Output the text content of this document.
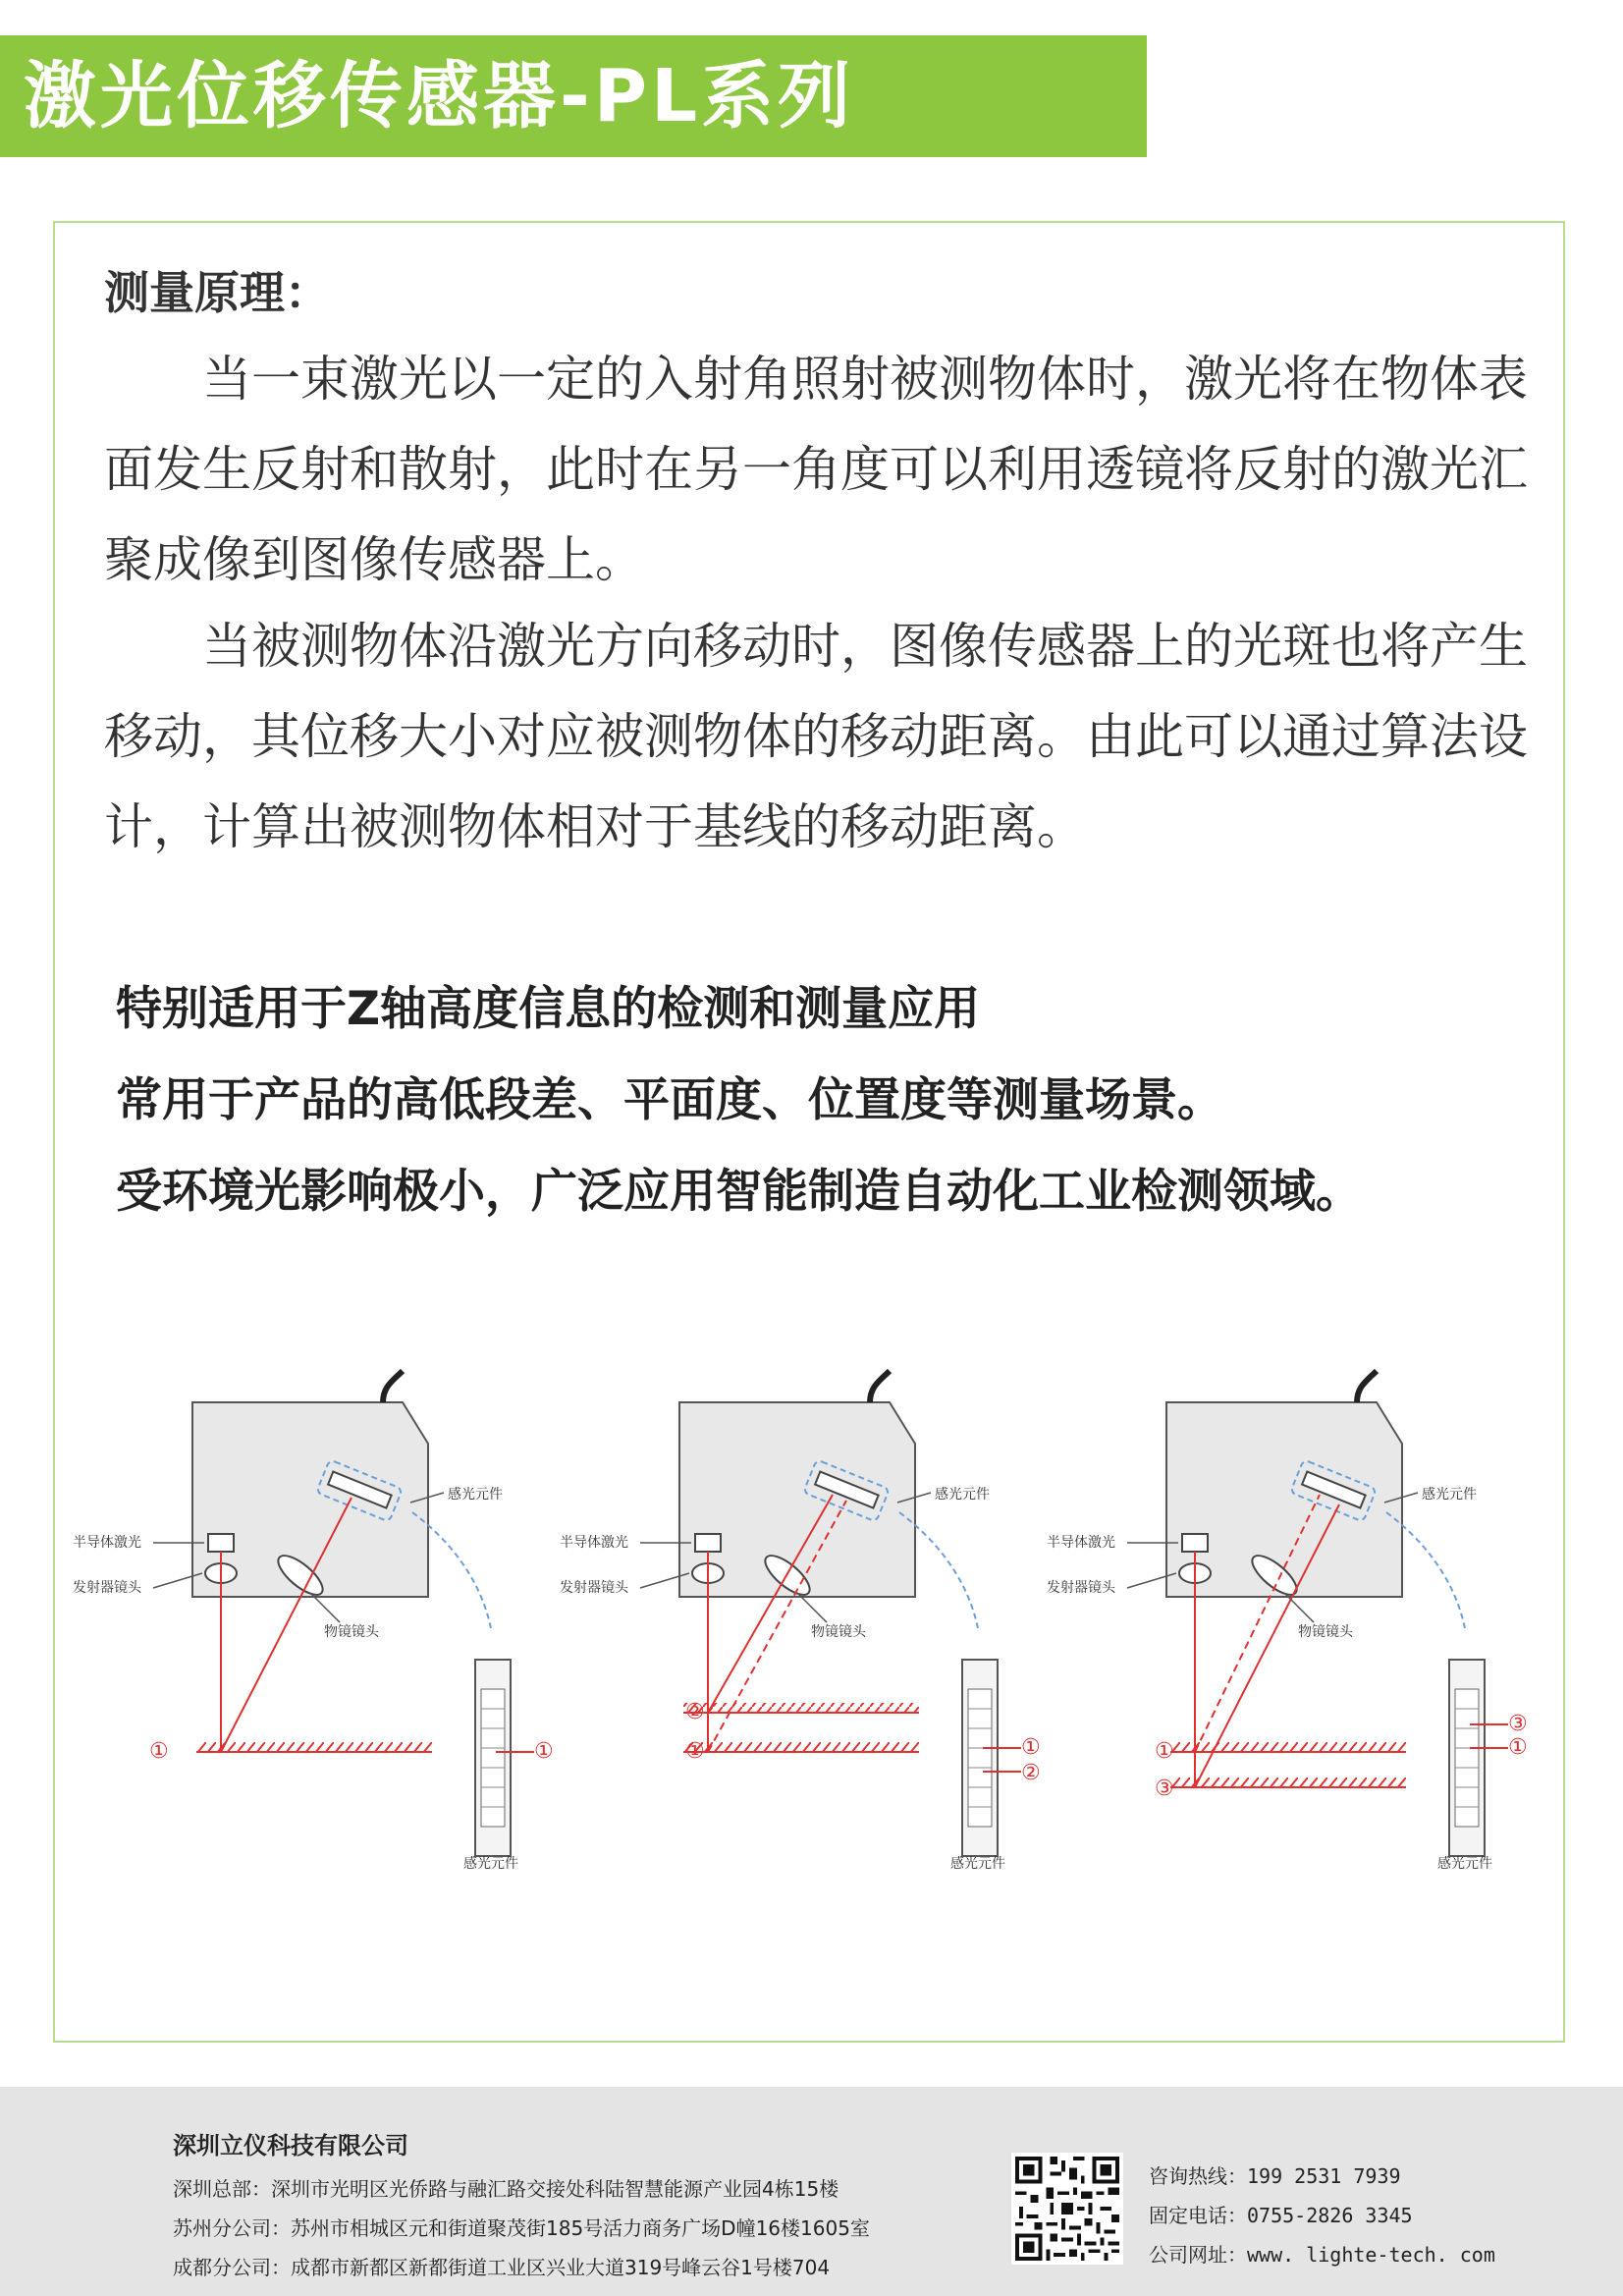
激光位移传感器-PL系列
测量原理：

当一束激光以一定的入射角照射被测物体时，激光将在物体表面发生反射和散射，此时在另一角度可以利用透镜将反射的激光汇聚成像到图像传感器上。

当被测物体沿激光方向移动时，图像传感器上的光斑也将产生移动，其位移大小对应被测物体的移动距离。由此可以通过算法设计，计算出被测物体相对于基线的移动距离。

特别适用于Z轴高度信息的检测和测量应用
常用于产品的高低段差、平面度、位置度等测量场景。
受环境光影响极小，广泛应用智能制造自动化工业检测领域。
感光元件
半导体激光
发射器镜头
物镜镜头
感光元件
①	①
感光元件
半导体激光
发射器镜头
物镜镜头
感光元件
②
①	①
②
感光元件
半导体激光
发射器镜头
物镜镜头
感光元件
①
③
③
①
深圳立仪科技有限公司
深圳总部：深圳市光明区光侨路与融汇路交接处科陆智慧能源产业园4栋15楼
苏州分公司：苏州市相城区元和街道聚茂街185号活力商务广场D幢16楼1605室
成都分公司：成都市新都区新都街道工业区兴业大道319号峰云谷1号楼704
咨询热线：199 2531 7939
固定电话：0755-2826 3345
公司网址：www. lighte-tech. com
